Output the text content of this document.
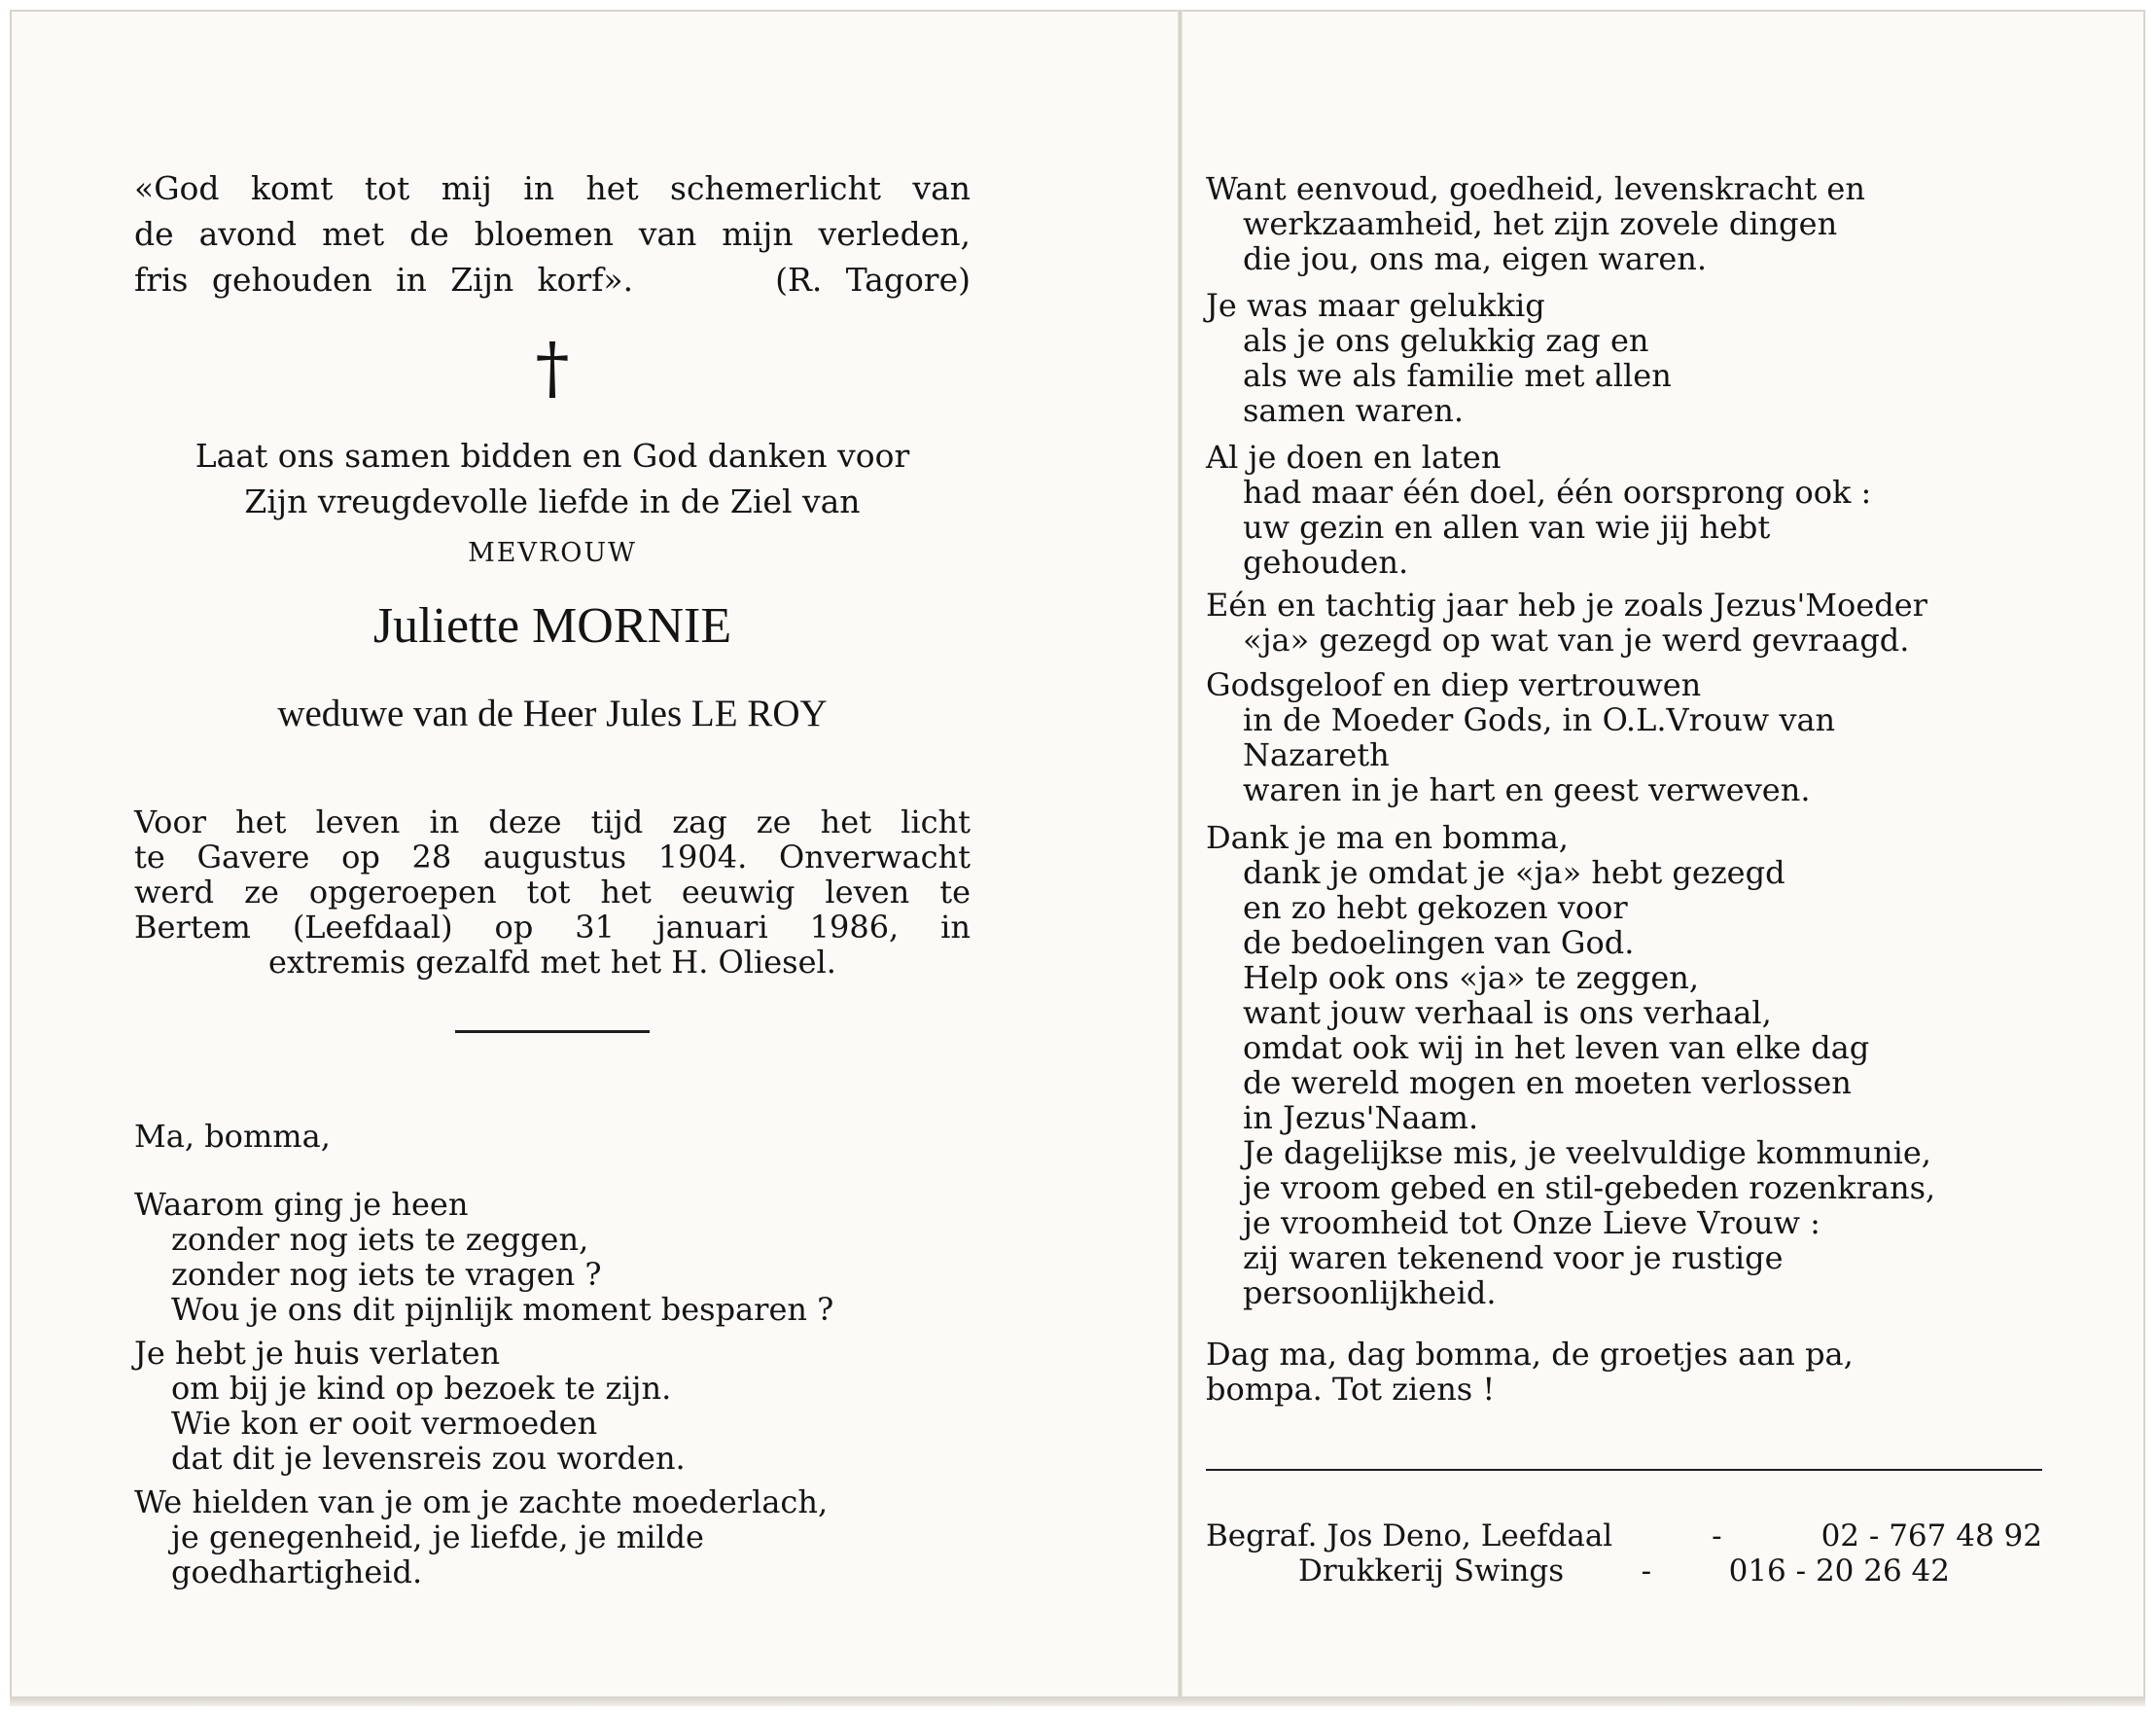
«God komt tot mij in het schemerlicht van

de avond met de bloemen van mijn verleden,

fris gehouden in Zijn korf».      (R. Tagore)

†

Laat ons samen bidden en God danken voor

Zijn vreugdevolle liefde in de Ziel van

MEVROUW
Juliette MORNIE
weduwe van de Heer Jules LE ROY

Voor het leven in deze tijd zag ze het licht

te Gavere op 28 augustus 1904. Onverwacht

werd ze opgeroepen tot het eeuwig leven te

Bertem (Leefdaal) op 31 januari 1986, in

extremis gezalfd met het H. Oliesel.

Ma, bomma,
Waarom ging je heen
zonder nog iets te zeggen,
zonder nog iets te vragen ?
Wou je ons dit pijnlijk moment besparen ?
Je hebt je huis verlaten
om bij je kind op bezoek te zijn.
Wie kon er ooit vermoeden
dat dit je levensreis zou worden.
We hielden van je om je zachte moederlach,
je genegenheid, je liefde, je milde
goedhartigheid.
Want eenvoud, goedheid, levenskracht en
werkzaamheid, het zijn zovele dingen
die jou, ons ma, eigen waren.
Je was maar gelukkig
als je ons gelukkig zag en
als we als familie met allen
samen waren.
Al je doen en laten
had maar één doel, één oorsprong ook :
uw gezin en allen van wie jij hebt
gehouden.
Eén en tachtig jaar heb je zoals Jezus'Moeder
«ja» gezegd op wat van je werd gevraagd.
Godsgeloof en diep vertrouwen
in de Moeder Gods, in O.L.Vrouw van
Nazareth
waren in je hart en geest verweven.
Dank je ma en bomma,
dank je omdat je «ja» hebt gezegd
en zo hebt gekozen voor
de bedoelingen van God.
Help ook ons «ja» te zeggen,
want jouw verhaal is ons verhaal,
omdat ook wij in het leven van elke dag
de wereld mogen en moeten verlossen
in Jezus'Naam.
Je dagelijkse mis, je veelvuldige kommunie,
je vroom gebed en stil-gebeden rozenkrans,
je vroomheid tot Onze Lieve Vrouw :
zij waren tekenend voor je rustige
persoonlijkheid.
Dag ma, dag bomma, de groetjes aan pa,
bompa. Tot ziens !
Begraf. Jos Deno, Leefdaal	-	02 - 767 48 92
Drukkerij Swings	-	016 - 20 26 42
